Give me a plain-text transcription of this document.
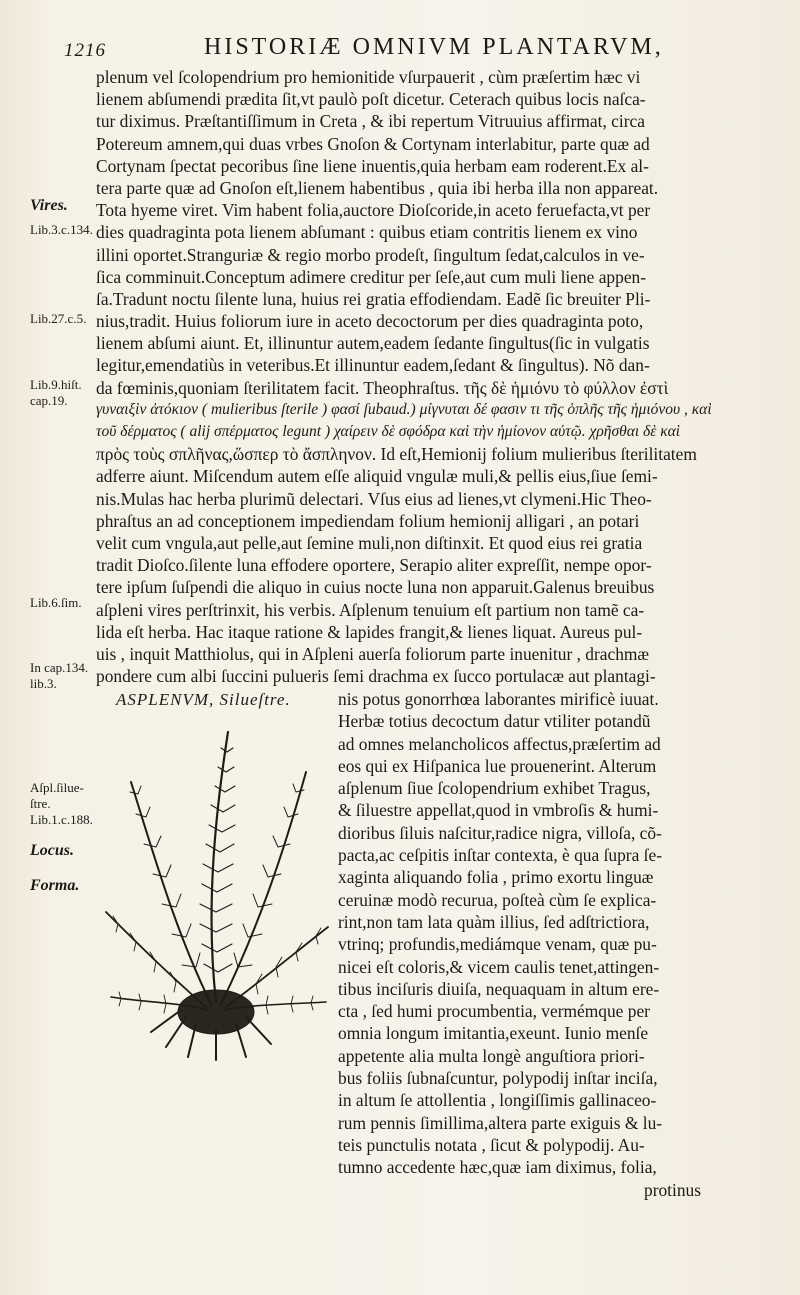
1216	HISTORIÆ OMNIVM PLANTARVM,
plenum vel ſcolopendrium pro hemionitide vſurpauerit , cùm præſertim hæc vi
lienem abſumendi prædita ſit,vt paulò poſt dicetur. Ceterach quibus locis naſca-
tur diximus. Præſtantiſſimum in Creta , & ibi repertum Vitruuius affirmat, circa
Potereum amnem,qui duas vrbes Gnoſon & Cortynam interlabitur, parte quæ ad
Cortynam ſpectat pecoribus ſine liene inuentis,quia herbam eam roderent.Ex al-
tera parte quæ ad Gnoſon eſt,lienem habentibus , quia ibi herba illa non appareat.
Tota hyeme viret. Vim habent folia,auctore Dioſcoride,in aceto feruefacta,vt per
dies quadraginta pota lienem abſumant : quibus etiam contritis lienem ex vino
illini oportet.Stranguriæ & regio morbo prodeſt, ſingultum ſedat,calculos in ve-
ſica comminuit.Conceptum adimere creditur per ſeſe,aut cum muli liene appen-
ſa.Tradunt noctu ſilente luna, huius rei gratia effodiendam. Eadẽ ſic breuiter Pli-
nius,tradit. Huius foliorum iure in aceto decoctorum per dies quadraginta poto,
lienem abſumi aiunt. Et, illinuntur autem,eadem ſedante ſingultus(ſic in vulgatis
legitur,emendatiùs in veteribus.Et illinuntur eadem,ſedant & ſingultus). Nõ dan-
da fœminis,quoniam ſterilitatem facit. Theophraſtus. τῆς δὲ ἡμιόνυ τὸ φύλλον ἐστὶ
γυναιξὶν ἀτόκιον ( mulieribus ſterile ) φασί ſubaud.) μίγνυται δέ φασιν τι τῆς ὁπλῆς τῆς ἡμιόνου , καὶ
τοῦ δέρματος ( alij σπέρματος legunt ) χαίρειν δὲ σφόδρα καὶ τὴν ἡμίονον αὐτῷ. χρῆσθαι δὲ καὶ
πρὸς τοὺς σπλῆνας,ὥσπερ τὸ ἄσπληνον. Id eſt,Hemionij folium mulieribus ſterilitatem
adferre aiunt. Miſcendum autem eſſe aliquid vngulæ muli,& pellis eius,ſiue ſemi-
nis.Mulas hac herba plurimũ delectari. Vſus eius ad lienes,vt clymeni.Hic Theo-
phraſtus an ad conceptionem impediendam folium hemionij alligari , an potari
velit cum vngula,aut pelle,aut ſemine muli,non diſtinxit. Et quod eius rei gratia
tradit Dioſco.ſilente luna effodere oportere, Serapio aliter expreſſit, nempe opor-
tere ipſum ſuſpendi die aliquo in cuius nocte luna non apparuit.Galenus breuibus
aſpleni vires perſtrinxit, his verbis. Aſplenum tenuium eſt partium non tamẽ ca-
lida eſt herba. Hac itaque ratione & lapides frangit,& lienes liquat. Aureus pul-
uis , inquit Matthiolus, qui in Aſpleni auerſa foliorum parte inuenitur , drachmæ
pondere cum albi ſuccini pulueris ſemi drachma ex ſucco portulacæ aut plantagi-
Vires.
Lib.3.c.134.
Lib.27.c.5.
Lib.9.hiſt.
cap.19.
Lib.6.ſim.
In cap.134.
lib.3.
Aſpl.ſilue-
ſtre.
Lib.1.c.188.
Locus.
Forma.
ASPLENVM, Silueſtre.	nis potus gonorrhœa laborantes mirificè iuuat.
Herbæ totius decoctum datur vtiliter potandũ
ad omnes melancholicos affectus,præſertim ad
eos qui ex Hiſpanica lue prouenerint. Alterum
aſplenum ſiue ſcolopendrium exhibet Tragus,
& ſiluestre appellat,quod in vmbroſis & humi-
dioribus ſiluis naſcitur,radice nigra, villoſa, cõ-
pacta,ac ceſpitis inſtar contexta, è qua ſupra ſe-
xaginta aliquando folia , primo exortu linguæ
ceruinæ modò recurua, poſteà cùm ſe explica-
rint,non tam lata quàm illius, ſed adſtrictiora,
vtrinq; profundis,mediámque venam, quæ pu-
nicei eſt coloris,& vicem caulis tenet,attingen-
tibus inciſuris diuiſa, nequaquam in altum ere-
cta , ſed humi procumbentia, vermémque per
omnia longum imitantia,exeunt. Iunio menſe
appetente alia multa longè anguſtiora priori-
bus foliis ſubnaſcuntur, polypodij inſtar inciſa,
in altum ſe attollentia , longiſſimis gallinaceo-
rum pennis ſimillima,altera parte exiguis & lu-
teis punctulis notata , ſicut & polypodij. Au-
tumno accedente hæc,quæ iam diximus, folia,
protinus
